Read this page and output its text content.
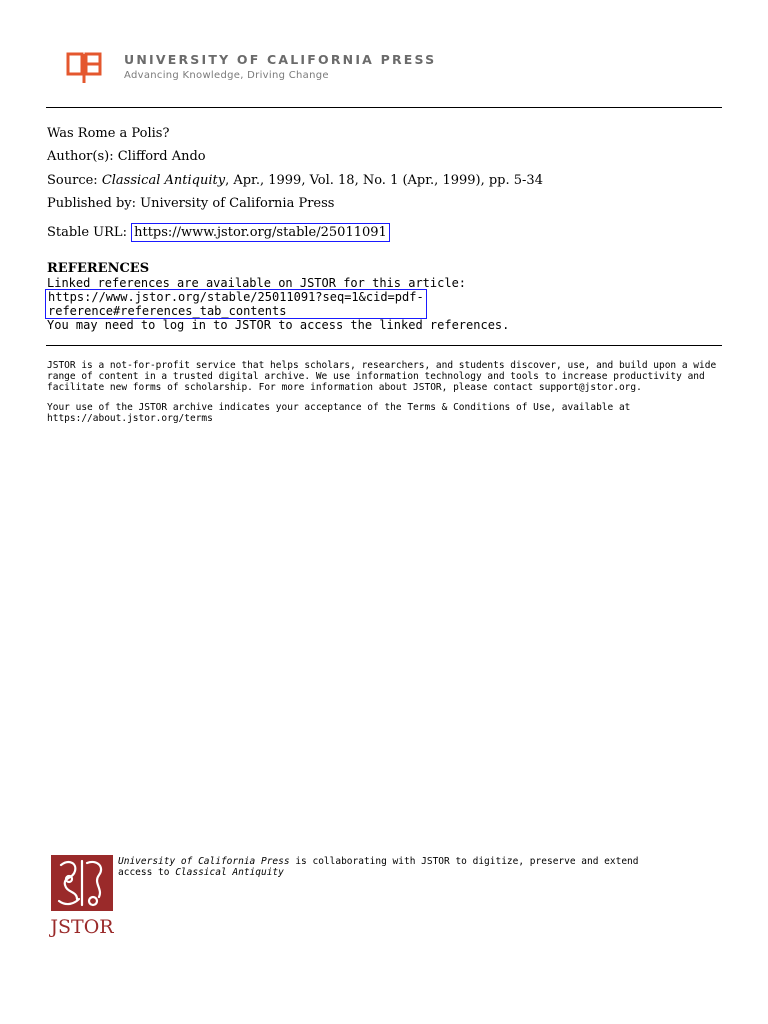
UNIVERSITY OF CALIFORNIA PRESS
Advancing Knowledge, Driving Change
Was Rome a Polis?
Author(s): Clifford Ando
Source: Classical Antiquity, Apr., 1999, Vol. 18, No. 1 (Apr., 1999), pp. 5-34
Published by: University of California Press
Stable URL: https://www.jstor.org/stable/25011091
REFERENCES
Linked references are available on JSTOR for this article:
https://www.jstor.org/stable/25011091?seq=1&cid=pdf-
reference#references_tab_contents
You may need to log in to JSTOR to access the linked references.
JSTOR is a not-for-profit service that helps scholars, researchers, and students discover, use, and build upon a wide range of content in a trusted digital archive. We use information technology and tools to increase productivity and facilitate new forms of scholarship. For more information about JSTOR, please contact support@jstor.org.
Your use of the JSTOR archive indicates your acceptance of the Terms & Conditions of Use, available at
https://about.jstor.org/terms
JSTOR
University of California Press is collaborating with JSTOR to digitize, preserve and extend
access to Classical Antiquity
